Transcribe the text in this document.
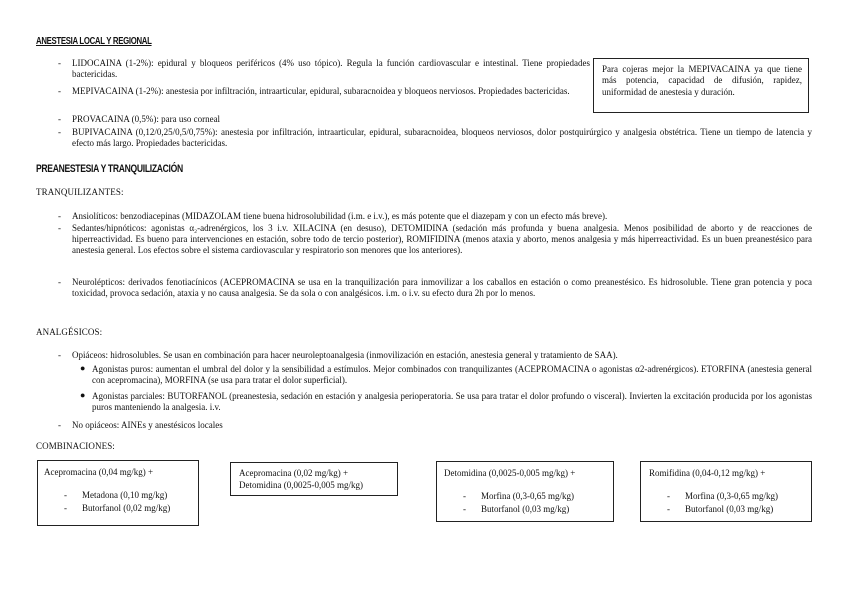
ANESTESIA LOCAL Y REGIONAL
- LIDOCAINA (1-2%): epidural y bloqueos periféricos (4% uso tópico). Regula la función cardiovascular e intestinal. Tiene propiedades bactericidas.
- MEPIVACAINA (1-2%): anestesia por infiltración, intraarticular, epidural, subaracnoidea y bloqueos nerviosos. Propiedades bactericidas.
- PROVACAINA (0,5%): para uso corneal
- BUPIVACAINA (0,12/0,25/0,5/0,75%): anestesia por infiltración, intraarticular, epidural, subaracnoidea, bloqueos nerviosos, dolor postquirúrgico y analgesia obstétrica. Tiene un tiempo de latencia y efecto más largo. Propiedades bactericidas.
Para cojeras mejor la MEPIVACAINA ya que tiene más potencia, capacidad de difusión, rapidez, uniformidad de anestesia y duración.
PREANESTESIA Y TRANQUILIZACIÓN
TRANQUILIZANTES:
- Ansiolíticos: benzodiacepinas (MIDAZOLAM tiene buena hidrosolubilidad (i.m. e i.v.), es más potente que el diazepam y con un efecto más breve).
- Sedantes/hipnóticos: agonistas α₂-adrenérgicos, los 3 i.v. XILACINA (en desuso), DETOMIDINA (sedación más profunda y buena analgesia. Menos posibilidad de aborto y de reacciones de hiperreactividad. Es bueno para intervenciones en estación, sobre todo de tercio posterior), ROMIFIDINA (menos ataxia y aborto, menos analgesia y más hiperreactividad. Es un buen preanestésico para anestesia general. Los efectos sobre el sistema cardiovascular y respiratorio son menores que los anteriores).
- Neurolépticos: derivados fenotiacínicos (ACEPROMACINA se usa en la tranquilización para inmovilizar a los caballos en estación o como preanestésico. Es hidrosoluble. Tiene gran potencia y poca toxicidad, provoca sedación, ataxia y no causa analgesia. Se da sola o con analgésicos. i.m. o i.v. su efecto dura 2h por lo menos.
ANALGÉSICOS:
- Opiáceos: hidrosolubles. Se usan en combinación para hacer neuroleptoanalgesia (inmovilización en estación, anestesia general y tratamiento de SAA).
● Agonistas puros: aumentan el umbral del dolor y la sensibilidad a estímulos. Mejor combinados con tranquilizantes (ACEPROMACINA o agonistas α2-adrenérgicos). ETORFINA (anestesia general con acepromacina), MORFINA (se usa para tratar el dolor superficial).
● Agonistas parciales: BUTORFANOL (preanestesia, sedación en estación y analgesia perioperatoria. Se usa para tratar el dolor profundo o visceral). Invierten la excitación producida por los agonistas puros manteniendo la analgesia. i.v.
- No opiáceos: AINEs y anestésicos locales
COMBINACIONES:
Acepromacina (0,04 mg/kg) +
- Metadona (0,10 mg/kg)
- Butorfanol (0,02 mg/kg)
Acepromacina (0,02 mg/kg) +
Detomidina (0,0025-0,005 mg/kg)
Detomidina (0,0025-0,005 mg/kg) +
- Morfina (0,3-0,65 mg/kg)
- Butorfanol (0,03 mg/kg)
Romifidina (0,04-0,12 mg/kg) +
- Morfina (0,3-0,65 mg/kg)
- Butorfanol (0,03 mg/kg)
